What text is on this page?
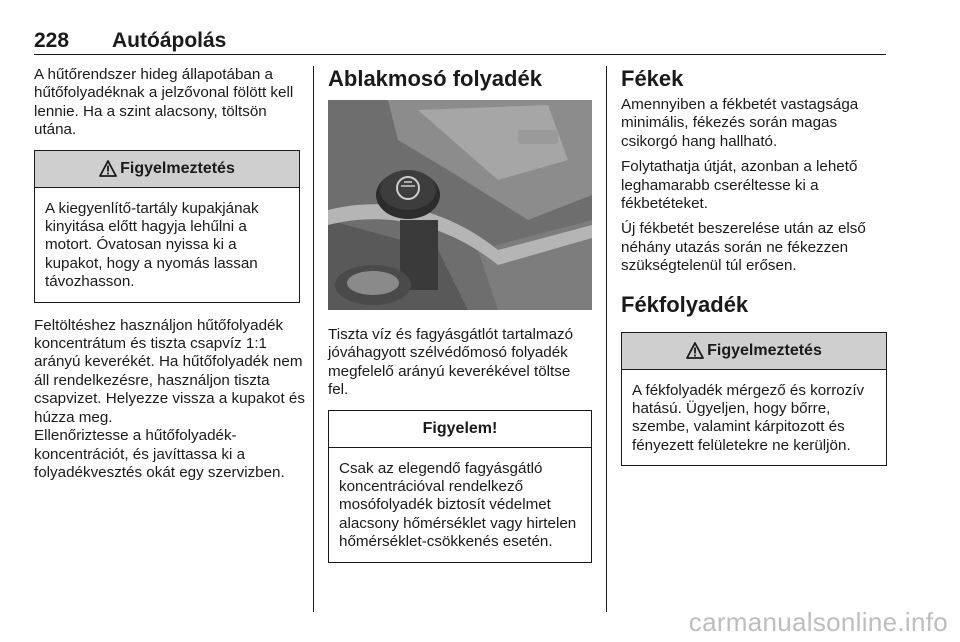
228 Autóápolás

A hűtőrendszer hideg állapotában a hűtőfolyadéknak a jelzővonal fölött kell lennie. Ha a szint alacsony, töltsön utána.

Figyelmeztetés

A kiegyenlítő-tartály kupakjának kinyitása előtt hagyja lehűlni a motort. Óvatosan nyissa ki a kupakot, hogy a nyomás lassan távozhasson.

Feltöltéshez használjon hűtőfolyadék koncentrátum és tiszta csapvíz 1:1 arányú keverékét. Ha hűtőfolyadék nem áll rendelkezésre, használjon tiszta csapvizet. Helyezze vissza a kupakot és húzza meg.

Ellenőriztesse a hűtőfolyadék-koncentrációt, és javíttassa ki a folyadékvesztés okát egy szervizben.

Ablakmosó folyadék

Tiszta víz és fagyásgátlót tartalmazó jóváhagyott szélvédőmosó folyadék megfelelő arányú keverékével töltse fel.

Figyelem!

Csak az elegendő fagyásgátló koncentrációval rendelkező mosófolyadék biztosít védelmet alacsony hőmérséklet vagy hirtelen hőmérséklet-csökkenés esetén.

Fékek

Amennyiben a fékbetét vastagsága minimális, fékezés során magas csikorgó hang hallható.

Folytathatja útját, azonban a lehető leghamarabb cseréltesse ki a fékbetéteket.

Új fékbetét beszerelése után az első néhány utazás során ne fékezzen szükségtelenül túl erősen.

Fékfolyadék
Figyelmeztetés

A fékfolyadék mérgező és korrozív hatású. Ügyeljen, hogy bőrre, szembe, valamint kárpitozott és fényezett felületekre ne kerüljön.

carmanualsonline.info
